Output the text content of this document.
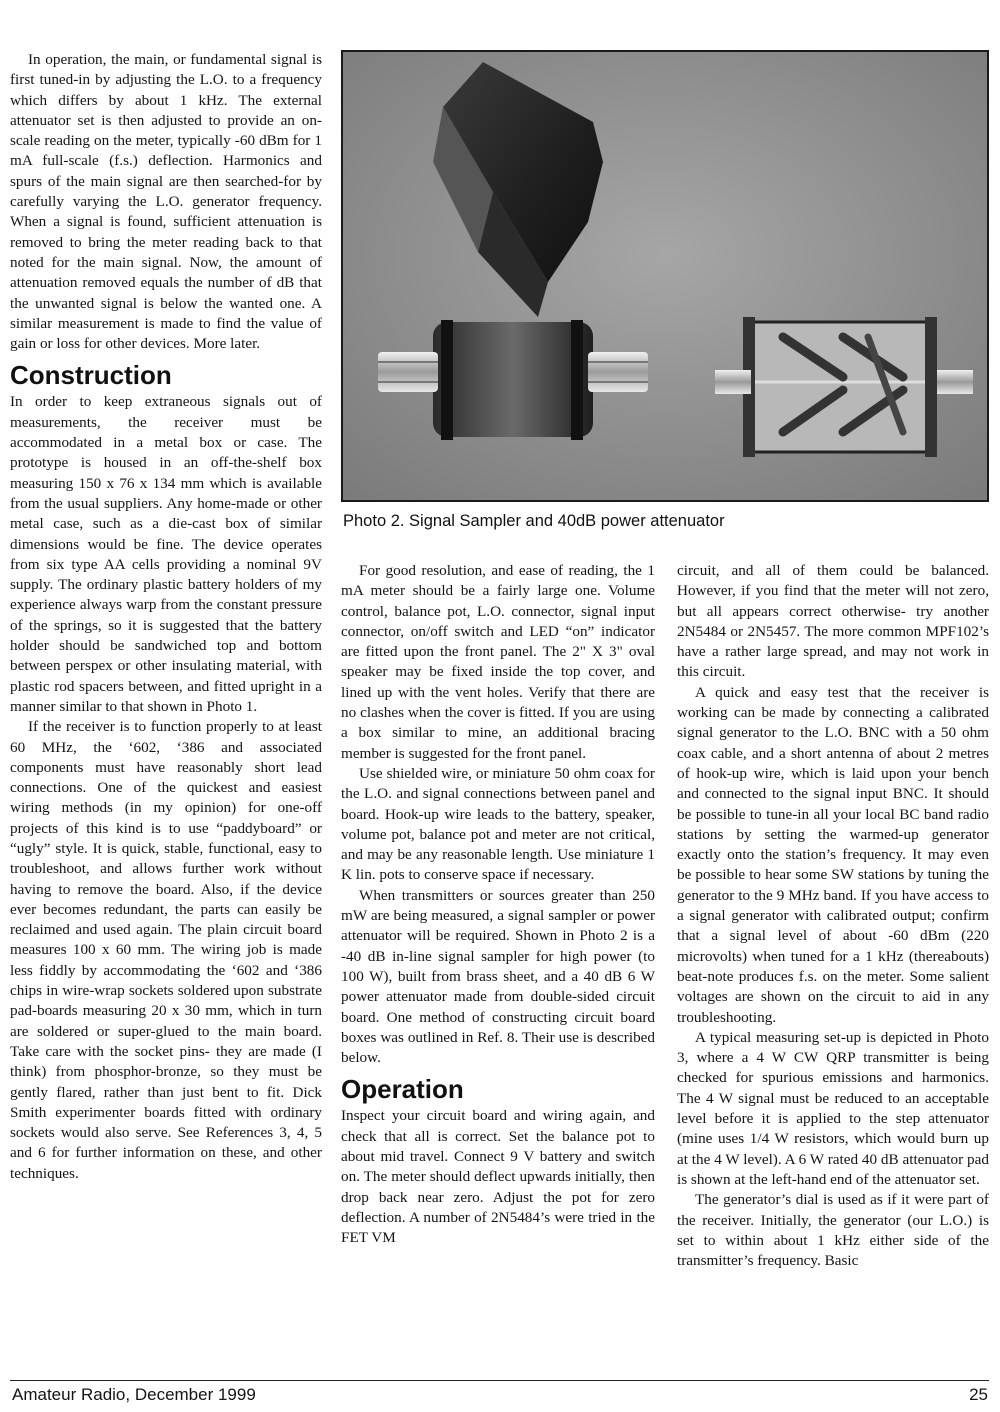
In operation, the main, or fundamental signal is first tuned-in by adjusting the L.O. to a frequency which differs by about 1 kHz. The external attenuator set is then adjusted to provide an on-scale reading on the meter, typically -60 dBm for 1 mA full-scale (f.s.) deflection. Harmonics and spurs of the main signal are then searched-for by carefully varying the L.O. generator frequency. When a signal is found, sufficient attenuation is removed to bring the meter reading back to that noted for the main signal. Now, the amount of attenuation removed equals the number of dB that the unwanted signal is below the wanted one. A similar measurement is made to find the value of gain or loss for other devices. More later.

Construction

In order to keep extraneous signals out of measurements, the receiver must be accommodated in a metal box or case. The prototype is housed in an off-the-shelf box measuring 150 x 76 x 134 mm which is available from the usual suppliers. Any home-made or other metal case, such as a die-cast box of similar dimensions would be fine. The device operates from six type AA cells providing a nominal 9V supply. The ordinary plastic battery holders of my experience always warp from the constant pressure of the springs, so it is suggested that the battery holder should be sandwiched top and bottom between perspex or other insulating material, with plastic rod spacers between, and fitted upright in a manner similar to that shown in Photo 1.

If the receiver is to function properly to at least 60 MHz, the ‘602, ‘386 and associated components must have reasonably short lead connections. One of the quickest and easiest wiring methods (in my opinion) for one-off projects of this kind is to use “paddyboard” or “ugly” style. It is quick, stable, functional, easy to troubleshoot, and allows further work without having to remove the board. Also, if the device ever becomes redundant, the parts can easily be reclaimed and used again. The plain circuit board measures 100 x 60 mm. The wiring job is made less fiddly by accommodating the ‘602 and ‘386 chips in wire-wrap sockets soldered upon substrate pad-boards measuring 20 x 30 mm, which in turn are soldered or super-glued to the main board. Take care with the socket pins- they are made (I think) from phosphor-bronze, so they must be gently flared, rather than just bent to fit. Dick Smith experimenter boards fitted with ordinary sockets would also serve. See References 3, 4, 5 and 6 for further information on these, and other techniques.

Photo 2. Signal Sampler and 40dB power attenuator

For good resolution, and ease of reading, the 1 mA meter should be a fairly large one. Volume control, balance pot, L.O. connector, signal input connector, on/off switch and LED “on” indicator are fitted upon the front panel. The 2" X 3" oval speaker may be fixed inside the top cover, and lined up with the vent holes. Verify that there are no clashes when the cover is fitted. If you are using a box similar to mine, an additional bracing member is suggested for the front panel.

Use shielded wire, or miniature 50 ohm coax for the L.O. and signal connections between panel and board. Hook-up wire leads to the battery, speaker, volume pot, balance pot and meter are not critical, and may be any reasonable length. Use miniature 1 K lin. pots to conserve space if necessary.

When transmitters or sources greater than 250 mW are being measured, a signal sampler or power attenuator will be required. Shown in Photo 2 is a -40 dB in-line signal sampler for high power (to 100 W), built from brass sheet, and a 40 dB 6 W power attenuator made from double-sided circuit board. One method of constructing circuit board boxes was outlined in Ref. 8. Their use is described below.

Operation

Inspect your circuit board and wiring again, and check that all is correct. Set the balance pot to about mid travel. Connect 9 V battery and switch on. The meter should deflect upwards initially, then drop back near zero. Adjust the pot for zero deflection. A number of 2N5484’s were tried in the FET VM

circuit, and all of them could be balanced. However, if you find that the meter will not zero, but all appears correct otherwise- try another 2N5484 or 2N5457. The more common MPF102’s have a rather large spread, and may not work in this circuit.

A quick and easy test that the receiver is working can be made by connecting a calibrated signal generator to the L.O. BNC with a 50 ohm coax cable, and a short antenna of about 2 metres of hook-up wire, which is laid upon your bench and connected to the signal input BNC. It should be possible to tune-in all your local BC band radio stations by setting the warmed-up generator exactly onto the station’s frequency. It may even be possible to hear some SW stations by tuning the generator to the 9 MHz band. If you have access to a signal generator with calibrated output; confirm that a signal level of about -60 dBm (220 microvolts) when tuned for a 1 kHz (thereabouts) beat-note produces f.s. on the meter. Some salient voltages are shown on the circuit to aid in any troubleshooting.

A typical measuring set-up is depicted in Photo 3, where a 4 W CW QRP transmitter is being checked for spurious emissions and harmonics. The 4 W signal must be reduced to an acceptable level before it is applied to the step attenuator (mine uses 1/4 W resistors, which would burn up at the 4 W level). A 6 W rated 40 dB attenuator pad is shown at the left-hand end of the attenuator set.

The generator’s dial is used as if it were part of the receiver. Initially, the generator (our L.O.) is set to within about 1 kHz either side of the transmitter’s frequency. Basic

Amateur Radio, December 1999	25
